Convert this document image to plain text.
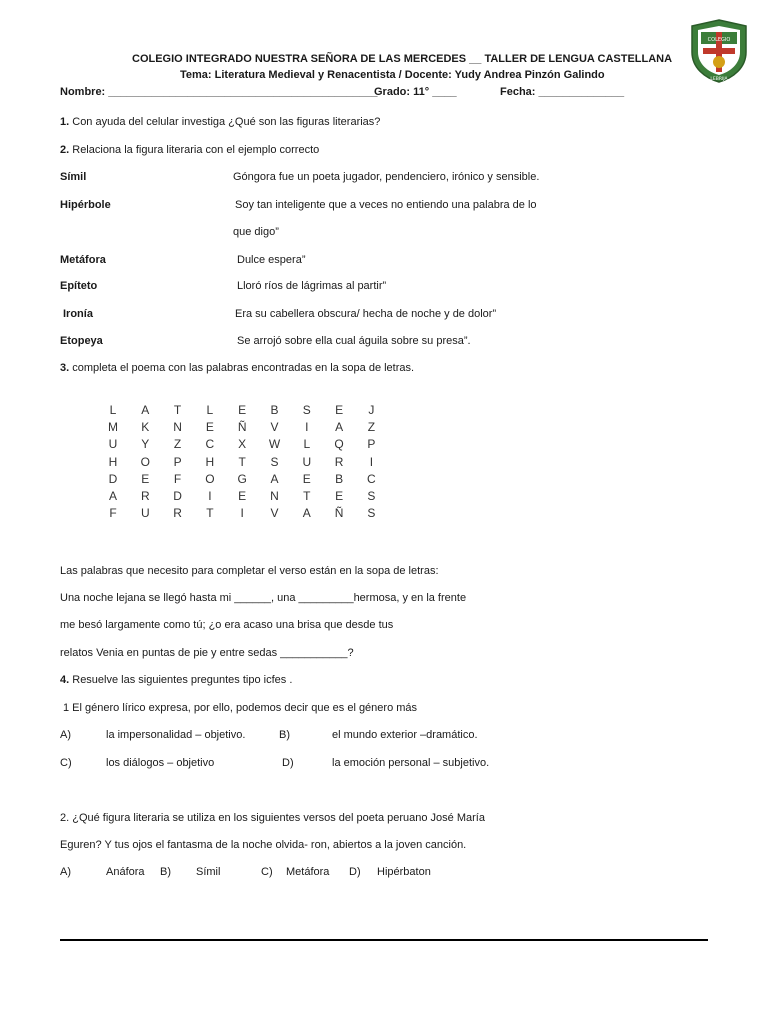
COLEGIO INTEGRADO NUESTRA SEÑORA DE LAS MERCEDES __ TALLER DE LENGUA CASTELLANA
Tema: Literatura Medieval y Renacentista / Docente: Yudy Andrea Pinzón Galindo
Nombre: ____________________________________________
Grado: 11° ____	Fecha: ______________
COLEGIO
LEBRIJA
1. Con ayuda del celular investiga ¿Qué son las figuras literarias?
2. Relaciona la figura literaria con el ejemplo correcto
Símil	Góngora fue un poeta jugador, pendenciero, irónico y sensible.
Hipérbole	Soy tan inteligente que a veces no entiendo una palabra de lo
que digo”
Metáfora	Dulce espera”
Epíteto	Lloró ríos de lágrimas al partir”
Ironía	Era su cabellera obscura/ hecha de noche y de dolor”
Etopeya	Se arrojó sobre ella cual águila sobre su presa”.
3. completa el poema con las palabras encontradas en la sopa de letras.
L	A	T	L	E	B	S	E	J
M	K	N	E	Ñ	V	I	A	Z
U	Y	Z	C	X	W	L	Q	P
H	O	P	H	T	S	U	R	I
D	E	F	O	G	A	E	B	C
A	R	D	I	E	N	T	E	S
F	U	R	T	I	V	A	Ñ	S
Las palabras que necesito para completar el verso están en la sopa de letras:
Una noche lejana se llegó hasta mi ______, una _________hermosa, y en la frente
me besó largamente como tú; ¿o era acaso una brisa que desde tus
relatos Venia en puntas de pie y entre sedas ___________?
4. Resuelve las siguientes preguntes tipo icfes .
1 El género lírico expresa, por ello, podemos decir que es el género más
A)	la impersonalidad – objetivo.	B)	el mundo exterior –dramático.
C)	los diálogos – objetivo	D)	la emoción personal – subjetivo.
2. ¿Qué figura literaria se utiliza en los siguientes versos del poeta peruano José María
Eguren? Y tus ojos el fantasma de la noche olvida- ron, abiertos a la joven canción.
A)	Anáfora B) Símil	C) Metáfora D) Hipérbaton
